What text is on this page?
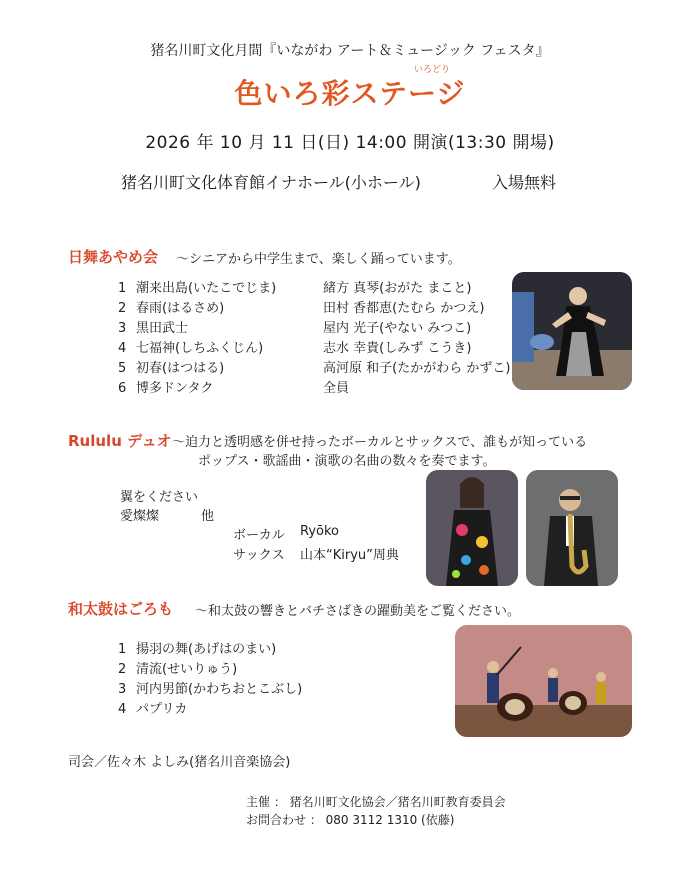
猪名川町文化月間『いながわ アート＆ミュージック フェスタ』
いろどり
色いろ彩ステージ
2026 年 10 月 11 日(日) 14:00 開演(13:30 開場)
猪名川町文化体育館イナホール(小ホール)	入場無料
日舞あやめ会 ～シニアから中学生まで、楽しく踊っています。
1 潮来出島(いたこでじま)
2 春雨(はるさめ)
3 黒田武士
4 七福神(しちふくじん)
5 初春(はつはる)
6 博多ドンタク
緒方 真琴(おがた まこと)
田村 香都恵(たむら かつえ)
屋内 光子(やない みつこ)
志水 幸貴(しみず こうき)
高河原 和子(たかがわら かずこ)
全員
Rululu デュオ ～迫力と透明感を併せ持ったボーカルとサックスで、誰もが知っている
ポップス・歌謡曲・演歌の名曲の数々を奏でます。
翼をください
愛燦燦	他
ボーカル Ryōko
サックス 山本“Kiryu”周典
和太鼓はごろも ～和太鼓の響きとバチさばきの躍動美をご覧ください。
1 揚羽の舞(あげはのまい)
2 清流(せいりゅう)
3 河内男節(かわちおとこぶし)
4 パプリカ
司会／佐々木 よしみ(猪名川音楽協会)
主催 ： 猪名川町文化協会／猪名川町教育委員会
お問合わせ ： 080 3112 1310 (依藤)
